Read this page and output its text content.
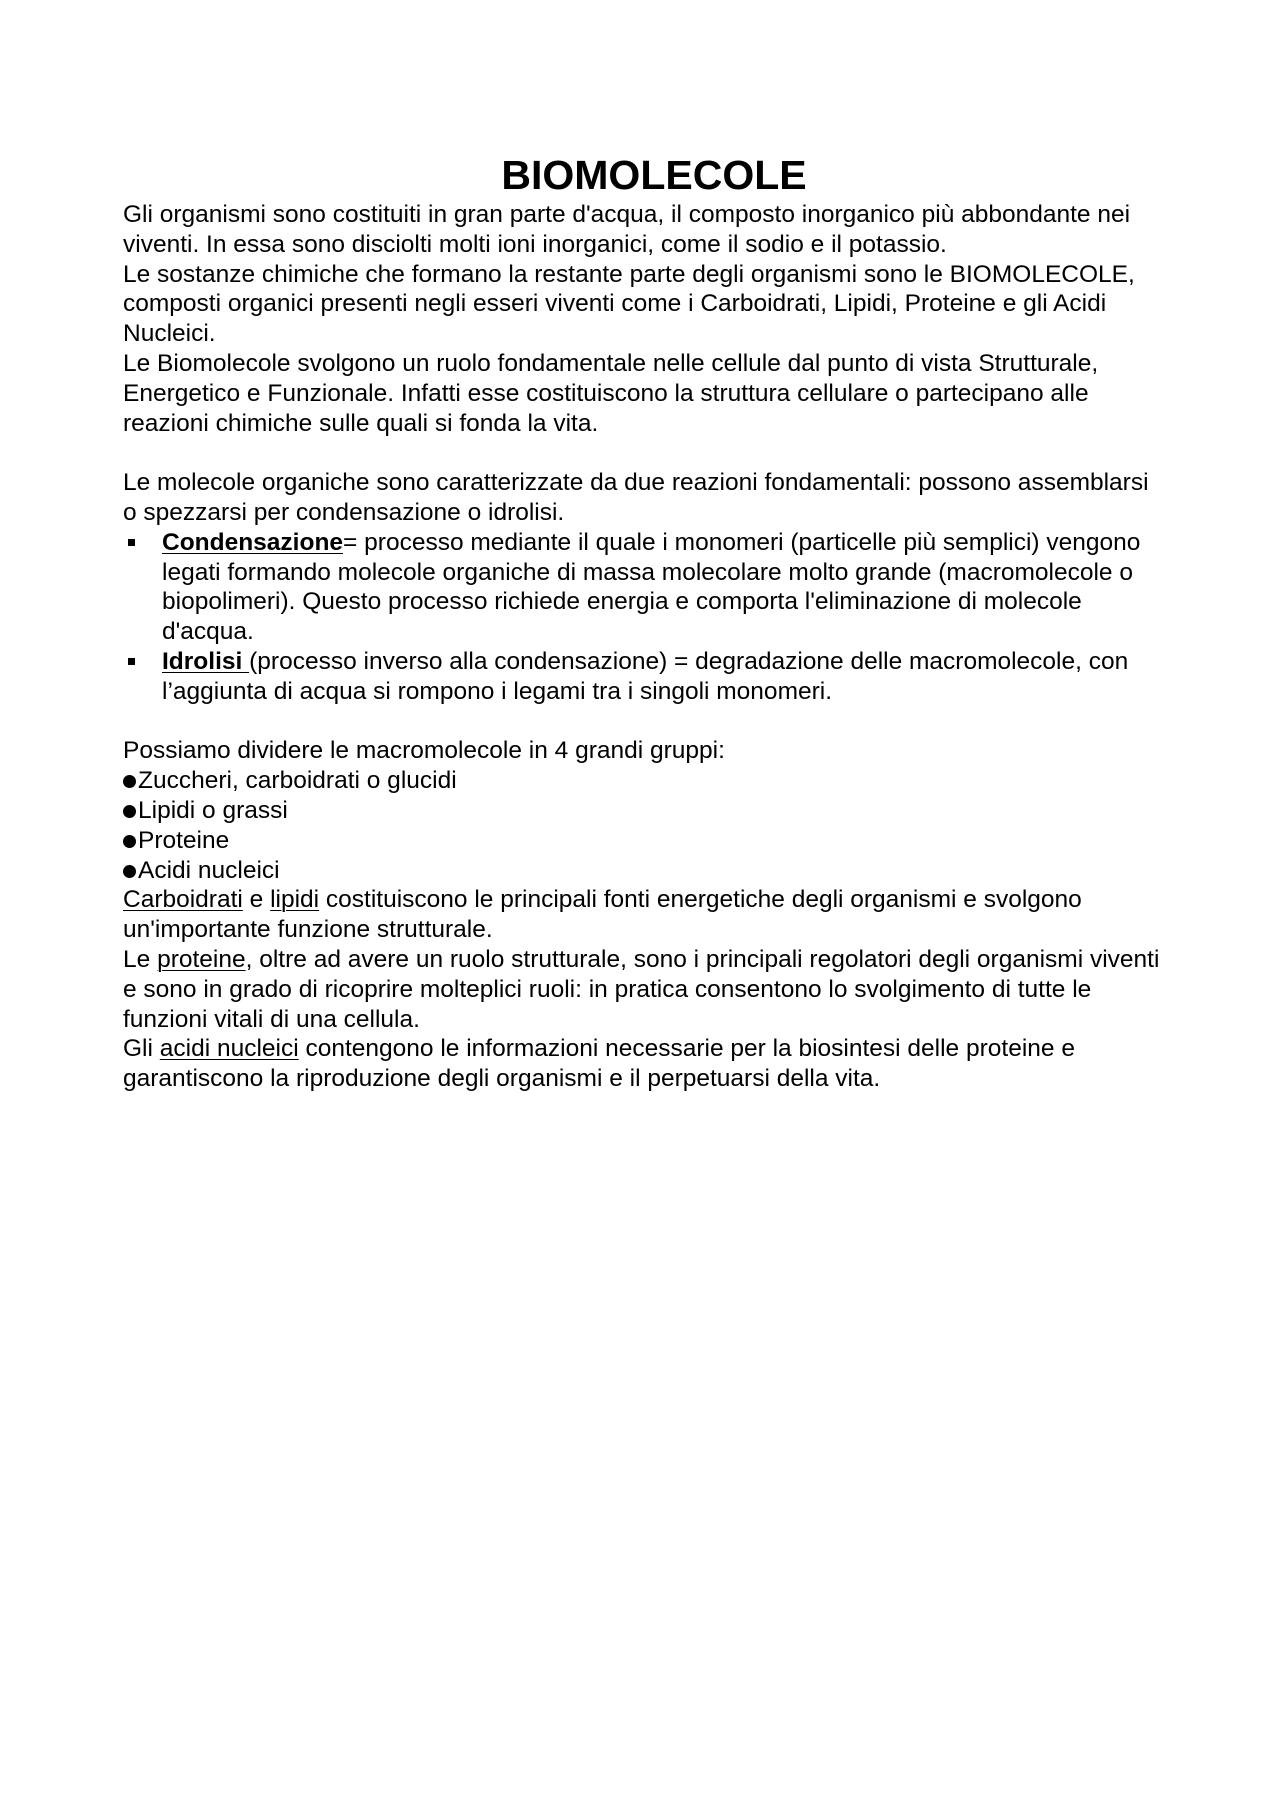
BIOMOLECOLE

Gli organismi sono costituiti in gran parte d'acqua, il composto inorganico più abbondante nei viventi. In essa sono disciolti molti ioni inorganici, come il sodio e il potassio.

Le sostanze chimiche che formano la restante parte degli organismi sono le BIOMOLECOLE, composti organici presenti negli esseri viventi come i Carboidrati, Lipidi, Proteine e gli Acidi Nucleici.

Le Biomolecole svolgono un ruolo fondamentale nelle cellule dal punto di vista Strutturale, Energetico e Funzionale. Infatti esse costituiscono la struttura cellulare o partecipano alle reazioni chimiche sulle quali si fonda la vita.

Le molecole organiche sono caratterizzate da due reazioni fondamentali: possono assemblarsi o spezzarsi per condensazione o idrolisi.

Condensazione= processo mediante il quale i monomeri (particelle più semplici) vengono legati formando molecole organiche di massa molecolare molto grande (macromolecole o biopolimeri). Questo processo richiede energia e comporta l'eliminazione di molecole d'acqua.
Idrolisi (processo inverso alla condensazione) = degradazione delle macromolecole, con l’aggiunta di acqua si rompono i legami tra i singoli monomeri.

Possiamo dividere le macromolecole in 4 grandi gruppi:

Zuccheri, carboidrati o glucidi
Lipidi o grassi
Proteine
Acidi nucleici

Carboidrati e lipidi costituiscono le principali fonti energetiche degli organismi e svolgono un'importante funzione strutturale.

Le proteine, oltre ad avere un ruolo strutturale, sono i principali regolatori degli organismi viventi e sono in grado di ricoprire molteplici ruoli: in pratica consentono lo svolgimento di tutte le funzioni vitali di una cellula.

Gli acidi nucleici contengono le informazioni necessarie per la biosintesi delle proteine e garantiscono la riproduzione degli organismi e il perpetuarsi della vita.
